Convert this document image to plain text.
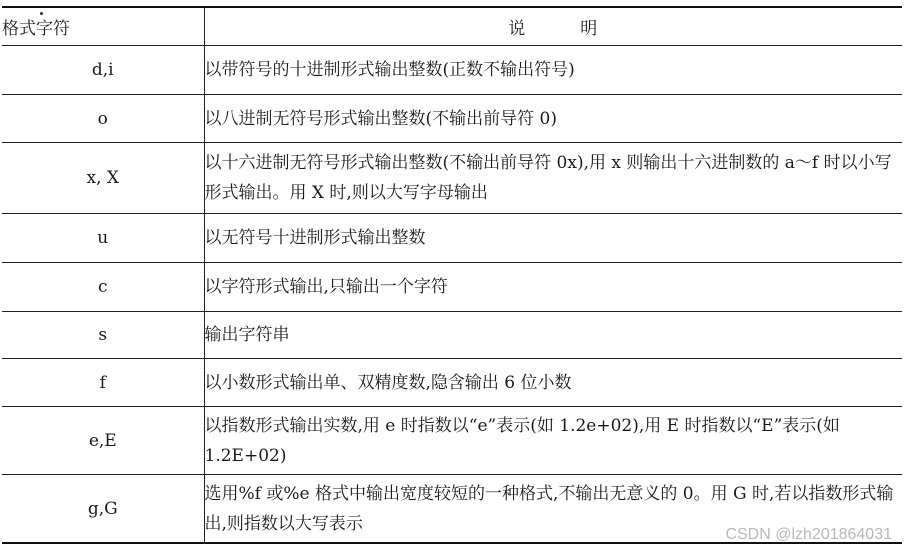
格式字符	说　　　明
d,i	以带符号的十进制形式输出整数(正数不输出符号)
o	以八进制无符号形式输出整数(不输出前导符 0)
x, X	以十六进制无符号形式输出整数(不输出前导符 0x),用 x 则输出十六进制数的 a～f 时以小写形式输出。用 X 时,则以大写字母输出
u	以无符号十进制形式输出整数
c	以字符形式输出,只输出一个字符
s	输出字符串
f	以小数形式输出单、双精度数,隐含输出 6 位小数
e,E	以指数形式输出实数,用 e 时指数以“e”表示(如 1.2e+02),用 E 时指数以“E”表示(如 1.2E+02)
g,G	选用%f 或%e 格式中输出宽度较短的一种格式,不输出无意义的 0。用 G 时,若以指数形式输出,则指数以大写表示
CSDN @lzh201864031
